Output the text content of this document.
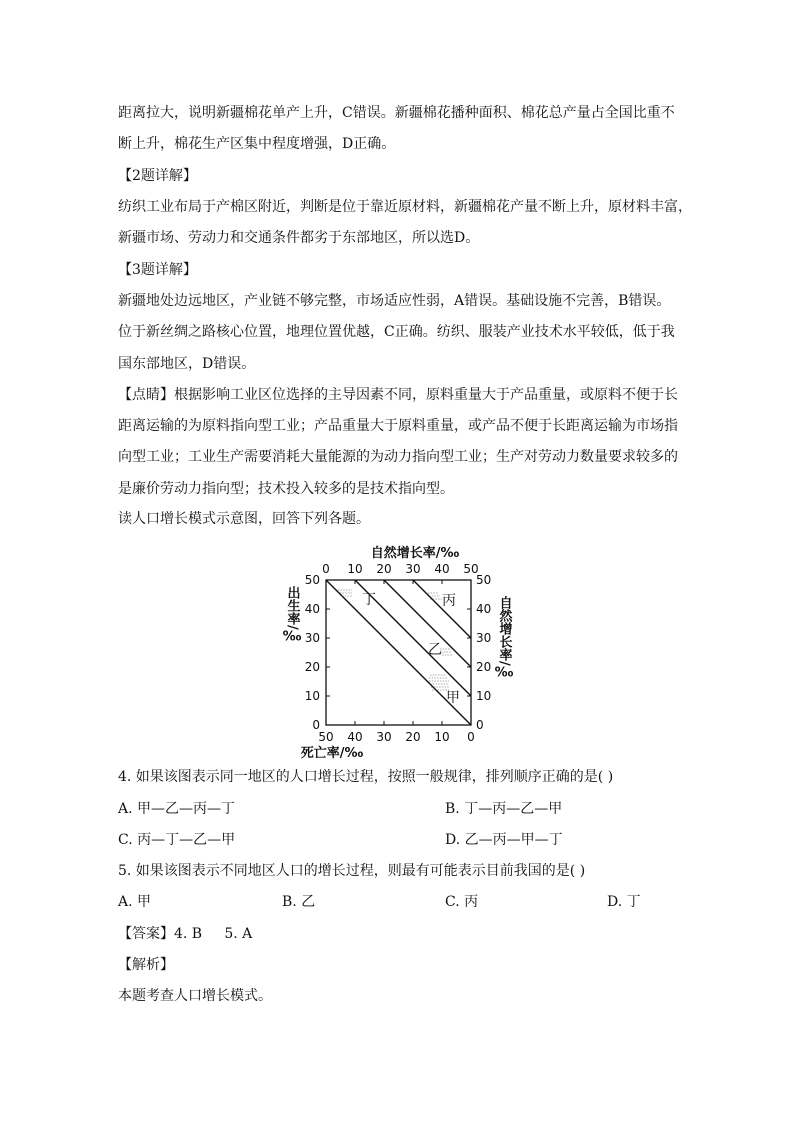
距离拉大，说明新疆棉花单产上升，C错误。新疆棉花播种面积、棉花总产量占全国比重不
断上升，棉花生产区集中程度增强，D正确。
【2题详解】
纺织工业布局于产棉区附近，判断是位于靠近原材料，新疆棉花产量不断上升，原材料丰富，
新疆市场、劳动力和交通条件都劣于东部地区，所以选D。
【3题详解】
新疆地处边远地区，产业链不够完整，市场适应性弱，A错误。基础设施不完善，B错误。
位于新丝绸之路核心位置，地理位置优越，C正确。纺织、服装产业技术水平较低，低于我
国东部地区，D错误。
【点睛】根据影响工业区位选择的主导因素不同，原料重量大于产品重量，或原料不便于长
距离运输的为原料指向型工业；产品重量大于原料重量，或产品不便于长距离运输为市场指
向型工业；工业生产需要消耗大量能源的为动力指向型工业；生产对劳动力数量要求较多的
是廉价劳动力指向型；技术投入较多的是技术指向型。
读人口增长模式示意图，回答下列各题。
自然增长率/‰
0 10 20 30 40 50
丁	丙
乙
甲
50
40
30
20
10
0
50
40
30
20
10
0
出生率/‰	自然增长率/‰
50 40 30 20 10 0
死亡率/‰
4. 如果该图表示同一地区的人口增长过程，按照一般规律，排列顺序正确的是( )
A. 甲—乙—丙—丁	B. 丁—丙—乙—甲
C. 丙—丁—乙—甲	D. 乙—丙—甲—丁
5. 如果该图表示不同地区人口的增长过程，则最有可能表示目前我国的是( )
A. 甲	B. 乙	C. 丙	D. 丁
【答案】4. B     5. A
【解析】
本题考查人口增长模式。
